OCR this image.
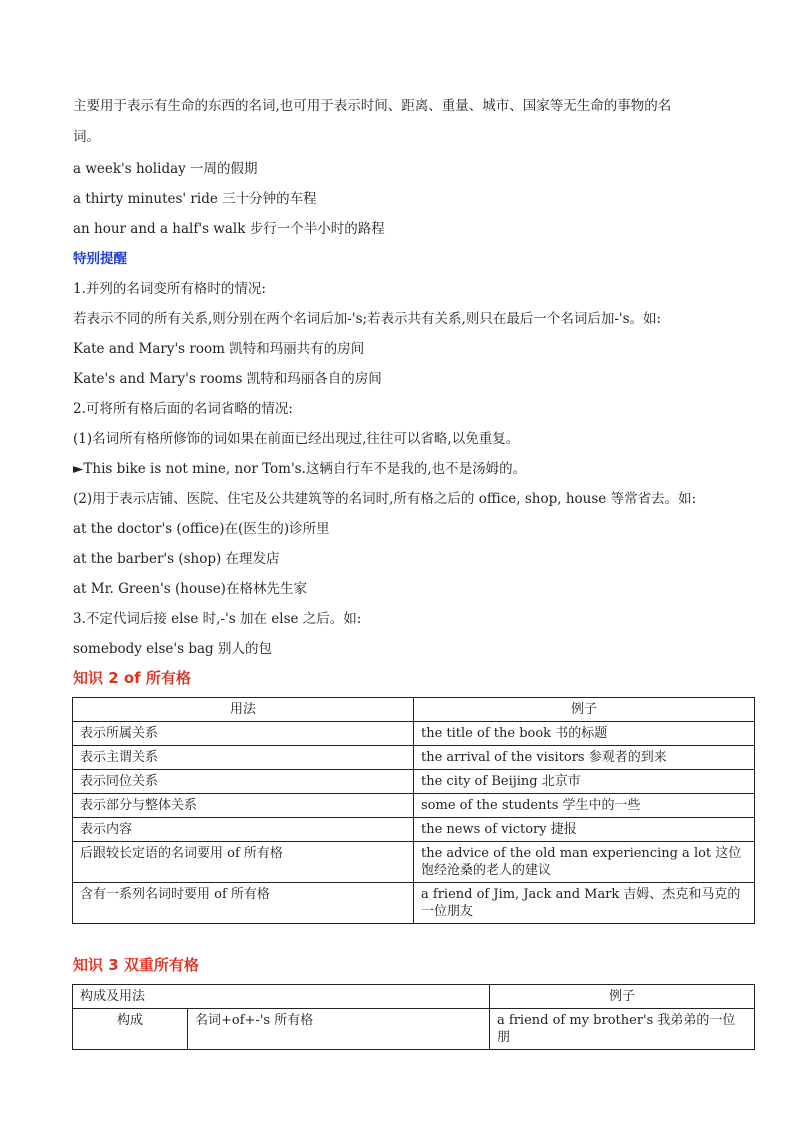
主要用于表示有生命的东西的名词,也可用于表示时间、距离、重量、城市、国家等无生命的事物的名
词。
a week's holiday 一周的假期
a thirty minutes' ride 三十分钟的车程
an hour and a half's walk 步行一个半小时的路程
特别提醒
1.并列的名词变所有格时的情况:
若表示不同的所有关系,则分别在两个名词后加-'s;若表示共有关系,则只在最后一个名词后加-'s。如:
Kate and Mary's room 凯特和玛丽共有的房间
Kate's and Mary's rooms 凯特和玛丽各自的房间
2.可将所有格后面的名词省略的情况:
(1)名词所有格所修饰的词如果在前面已经出现过,往往可以省略,以免重复。
►This bike is not mine, nor Tom's.这辆自行车不是我的,也不是汤姆的。
(2)用于表示店铺、医院、住宅及公共建筑等的名词时,所有格之后的 office, shop, house 等常省去。如:
at the doctor's (office)在(医生的)诊所里
at the barber's (shop) 在理发店
at Mr. Green's (house)在格林先生家
3.不定代词后接 else 时,-'s 加在 else 之后。如:
somebody else's bag 别人的包
知识 2 of 所有格
用法	例子
表示所属关系	the title of the book 书的标题
表示主谓关系	the arrival of the visitors 参观者的到来
表示同位关系	the city of Beijing 北京市
表示部分与整体关系	some of the students 学生中的一些
表示内容	the news of victory 捷报
后跟较长定语的名词要用 of 所有格	the advice of the old man experiencing a lot 这位饱经沧桑的老人的建议
含有一系列名词时要用 of 所有格	a friend of Jim, Jack and Mark 吉姆、杰克和马克的一位朋友
知识 3 双重所有格
构成及用法		例子
构成	名词+of+-'s 所有格	a friend of my brother's 我弟弟的一位朋
